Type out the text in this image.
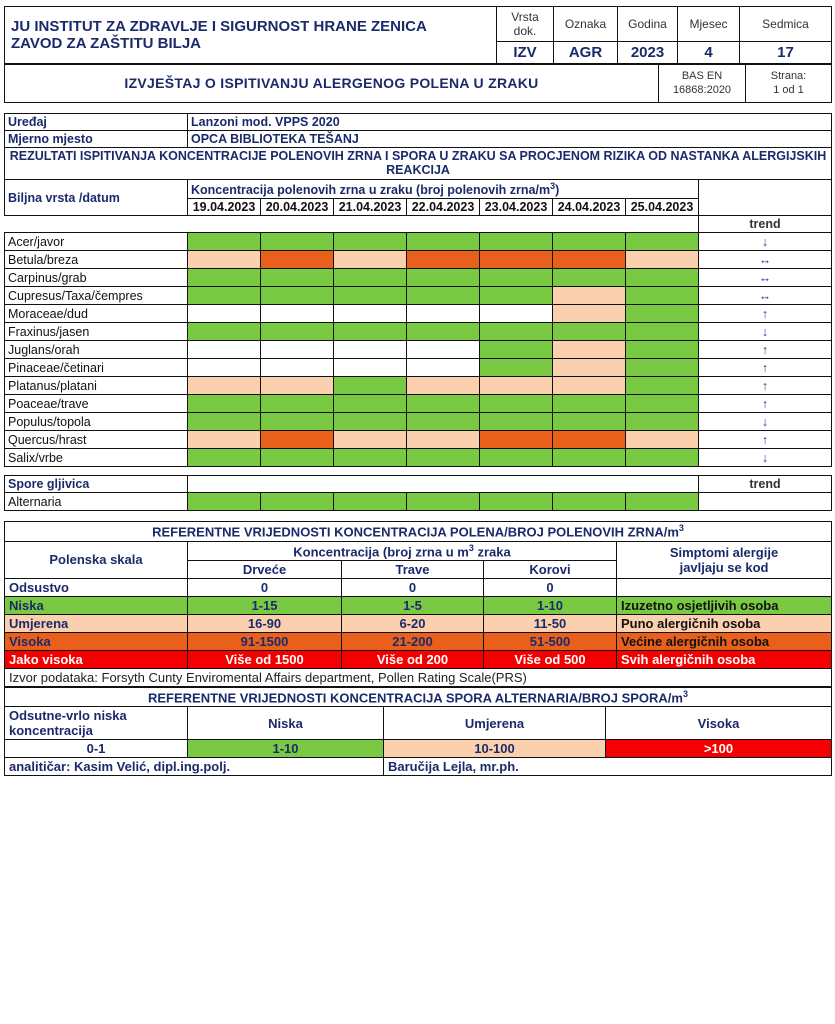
JU INSTITUT ZA ZDRAVLJE I SIGURNOST HRANE ZENICA
ZAVOD ZA ZAŠTITU BILJA	Vrsta dok.	Oznaka	Godina	Mjesec	Sedmica
	IZV	AGR	2023	4	17
IZVJEŠTAJ O ISPITIVANJU ALERGENOG POLENA U ZRAKU	BAS EN 16868:2020	
Strana:
1 od 1
Uređaj	Lanzoni mod. VPPS 2020							
Mjerno mjesto	OPCA BIBLIOTEKA TEŠANJ							
REZULTATI ISPITIVANJA KONCENTRACIJE POLENOVIH ZRNA I SPORA U ZRAKU SA PROCJENOM RIZIKA OD NASTANKA ALERGIJSKIH REAKCIJA								
Biljna vrsta /datum	Koncentracija polenovih zrna u zraku (broj polenovih zrna/$m^3$)							
	19.04.2023	20.04.2023	21.04.2023	22.04.2023	23.04.2023	24.04.2023	25.04.2023	
								trend
Acer/javor								↓
Betula/breza								↔
Carpinus/grab								↔
Cupresus/Taxa/čempres								↔
Moraceae/dud								↑
Fraxinus/jasen								↓
Juglans/orah								↑
Pinaceae/četinari								↑
Platanus/platani								↑
Poaceae/trave								↑
Populus/topola								↓
Quercus/hrast								↑
Salix/vrbe								↓
Spore gljivica								trend
Alternaria								
REFERENTNE VRIJEDNOSTI KONCENTRACIJA POLENA/BROJ POLENOVIH ZRNA/$m^3$
Polenska skala	Koncentracija (broj zrna u $m^3$ zraka			Simptomi alergije
javljaju se kod

	Drveće	Trave	Korovi	
Odsustvo	0	0	0	
Niska	1-15	1-5	1-10	Izuzetno osjetljivih osoba
Umjerena	16-90	6-20	11-50	Puno alergičnih osoba
Visoka	91-1500	21-200	51-500	Većine alergičnih osoba
Jako visoka	Više od 1500	Više od 200	Više od 500	Svih alergičnih osoba
Izvor podataka: Forsyth Cunty Enviromental Affairs department, Pollen Rating Scale(PRS)				
REFERENTNE VRIJEDNOSTI KONCENTRACIJA SPORA ALTERNARIA/BROJ SPORA/$m^3$

Odsutne-vrlo niska
koncentracija	Niska	Umjerena	Visoka
0-1	1-10	10-100	>100
analitičar: Kasim Velić, dipl.ing.polj.		Baručija Lejla, mr.ph.	
